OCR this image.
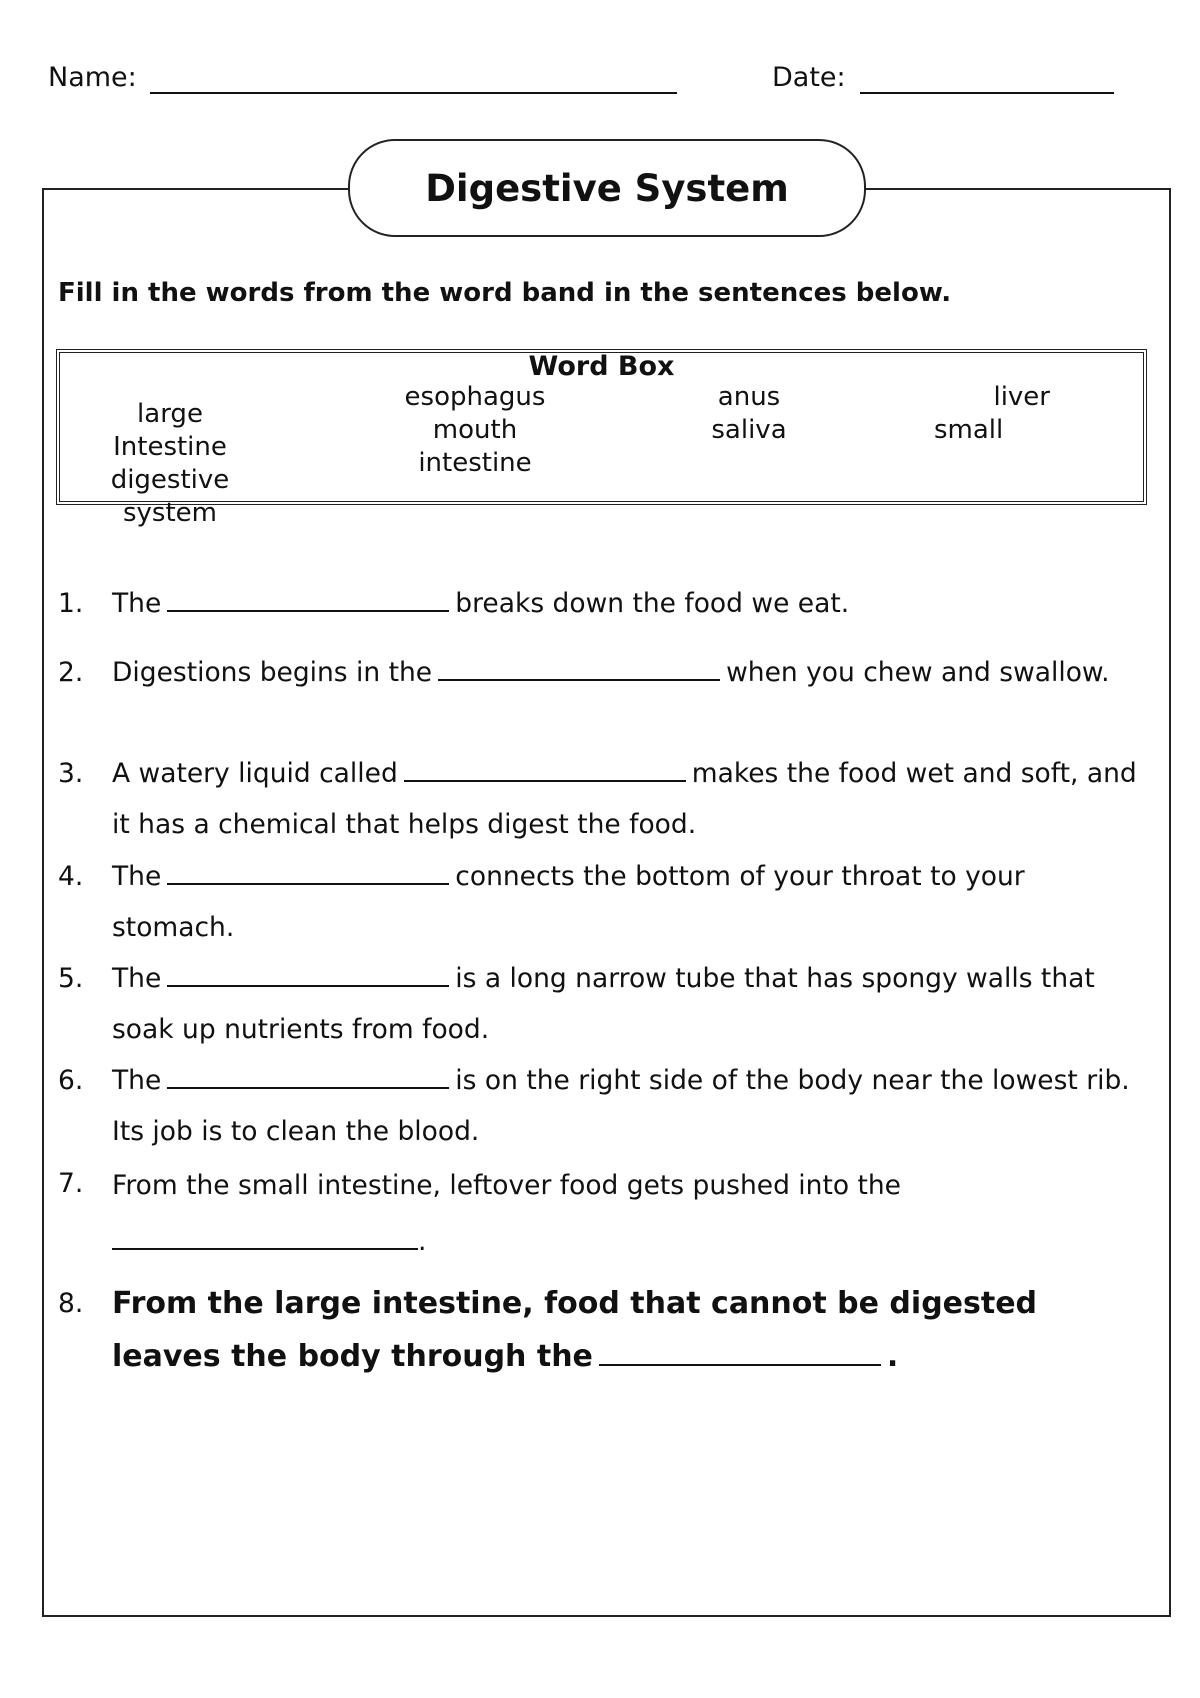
Name:	Date:
Digestive System
Fill in the words from the word band in the sentences below.
Word Box
large Intestine
digestive
system
esophagus
mouth
intestine
anus
saliva
liver
small
1. The	breaks down the food we eat.
2. Digestions begins in the	when you chew and swallow.
3. A watery liquid called	makes the food wet and soft, and it has a chemical that helps digest the food.
4. The	connects the bottom of your throat to your stomach.
5. The	is a long narrow tube that has spongy walls that soak up nutrients from food.
6. The	is on the right side of the body near the lowest rib. Its job is to clean the blood.
7. From the small intestine, leftover food gets pushed into the
.
8. From the large intestine, food that cannot be digested leaves the body through the	.
